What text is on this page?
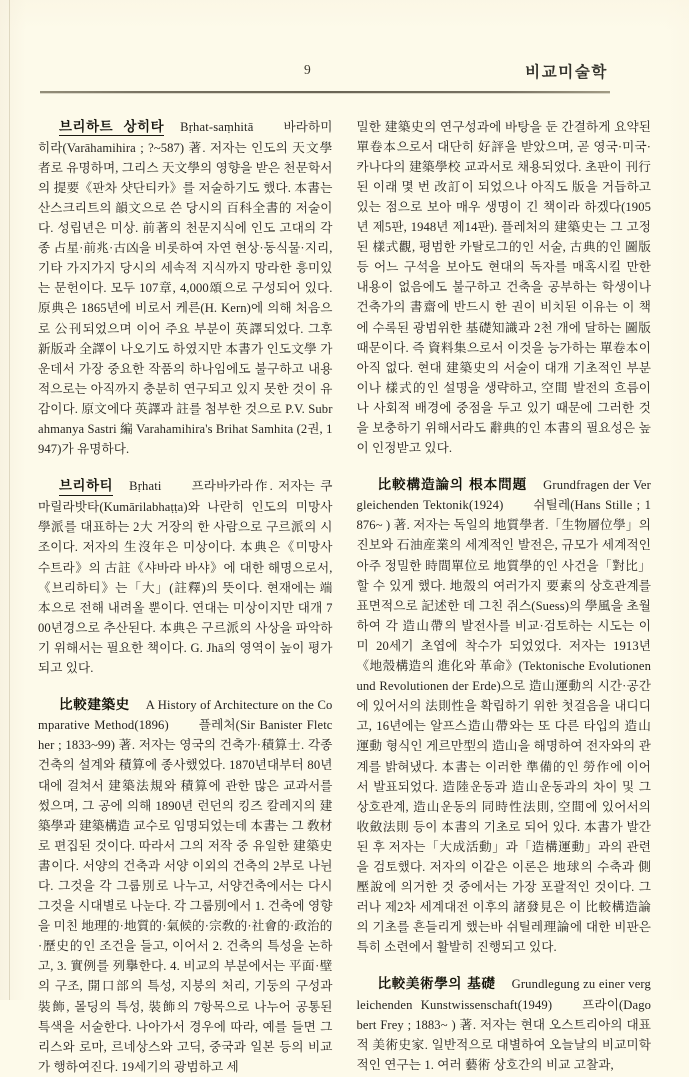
9	비교미술학

브리하트 상히타 Bṛhat-saṃhitā 바라하미히라(Varāhamihira ; ?~587) 著. 저자는 인도의 天文學者로 유명하며, 그리스 天文學의 영향을 받은 천문학서의 提要《판차 샷단티카》를 저술하기도 했다. 本書는 산스크리트의 韻文으로 쓴 당시의 百科全書的 저술이다. 성립년은 미상. 前著의 천문지식에 인도 고대의 각종 占星·前兆·古凶을 비롯하여 자연 현상·동식물·지리, 기타 가지가지 당시의 세속적 지식까지 망라한 흥미있는 문헌이다. 모두 107章, 4,000頌으로 구성되어 있다. 原典은 1865년에 비로서 케른(H. Kern)에 의해 처음으로 公刊되었으며 이어 주요 부분이 英譯되었다. 그후 新版과 全譯이 나오기도 하였지만 本書가 인도文學 가운데서 가장 중요한 작품의 하나임에도 불구하고 내용적으로는 아직까지 충분히 연구되고 있지 못한 것이 유감이다. 原文에다 英譯과 註를 첨부한 것으로 P.V. Subrahmanya Sastri 編 Varahamihira's Brihat Samhita (2권, 1947)가 유명하다.

브리하티 Bṛhati 프라바카라作. 저자는 쿠마릴라밧타(Kumārilabhaṭṭa)와 나란히 인도의 미망사學派를 대표하는 2大 거장의 한 사람으로 구르派의 시조이다. 저자의 生沒年은 미상이다. 本典은《미망사 수트라》의 古註《샤바라 바샤》에 대한 해명으로서,《브리하티》는「大」(註釋)의 뜻이다. 현재에는 端本으로 전해 내려올 뿐이다. 연대는 미상이지만 대개 700년경으로 추산된다. 本典은 구르派의 사상을 파악하기 위해서는 필요한 책이다. G. Jhā의 영역이 높이 평가되고 있다.

比較建築史 A History of Architecture on the Comparative Method(1896) 플레처(Sir Banister Fletcher ; 1833~99) 著. 저자는 영국의 건축가·積算士. 각종 건축의 설계와 積算에 종사했었다. 1870년대부터 80년대에 걸쳐서 建築法規와 積算에 관한 많은 교과서를 썼으며, 그 공에 의해 1890년 런던의 킹즈 칼레지의 建築學과 建築構造 교수로 임명되었는데 本書는 그 敎材로 편집된 것이다. 따라서 그의 저작 중 유일한 建築史書이다. 서양의 건축과 서양 이외의 건축의 2부로 나뉜다. 그것을 각 그룹別로 나누고, 서양건축에서는 다시 그것을 시대별로 나눈다. 각 그룹別에서 1. 건축에 영향을 미친 地理的·地質的·氣候的·宗敎的·社會的·政治的·歷史的인 조건을 들고, 이어서 2. 건축의 특성을 논하고, 3. 實例를 列擧한다. 4. 비교의 부분에서는 平面·壁의 구조, 開口部의 특성, 지붕의 처리, 기둥의 구성과 裝飾, 몰딩의 특성, 裝飾의 7항목으로 나누어 공통된 특색을 서술한다. 나아가서 경우에 따라, 예를 들면 그리스와 로마, 르네상스와 고딕, 중국과 일본 등의 비교가 행하여진다. 19세기의 광범하고 세

밀한 建築史의 연구성과에 바탕을 둔 간결하게 요약된 單卷本으로서 대단히 好評을 받았으며, 곧 영국·미국·카나다의 建築學校 교과서로 채용되었다. 초판이 刊行된 이래 몇 번 改訂이 되었으나 아직도 版을 거듭하고 있는 점으로 보아 매우 생명이 긴 책이라 하겠다(1905년 제5판, 1948년 제14판). 플레처의 建築史는 그 고정된 樣式觀, 평범한 카탈로그的인 서술, 古典的인 圖版 등 어느 구석을 보아도 현대의 독자를 매혹시킬 만한 내용이 없음에도 불구하고 건축을 공부하는 학생이나 건축가의 書齋에 반드시 한 권이 비치된 이유는 이 책에 수록된 광범위한 基礎知識과 2천 개에 달하는 圖版 때문이다. 즉 資料集으로서 이것을 능가하는 單卷本이 아직 없다. 현대 建築史의 서술이 대개 기초적인 부분이나 樣式的인 설명을 생략하고, 空間 발전의 흐름이나 사회적 배경에 중점을 두고 있기 때문에 그러한 것을 보충하기 위해서라도 辭典的인 本書의 필요성은 높이 인정받고 있다.

比較構造論의 根本問題 Grundfragen der Vergleichenden Tektonik(1924) 쉬틸레(Hans Stille ; 1876~ ) 著. 저자는 독일의 地質學者.「生物層位學」의 진보와 石油産業의 세계적인 발전은, 규모가 세계적인 아주 정밀한 時間單位로 地質學的인 사건을「對比」할 수 있게 했다. 地殼의 여러가지 要素의 상호관계를 표면적으로 記述한 데 그친 쥐스(Suess)의 學風을 초월하여 각 造山帶의 발전사를 비교·검토하는 시도는 이미 20세기 초엽에 착수가 되었었다. 저자는 1913년《地殼構造의 進化와 革命》(Tektonische Evolutionen und Revolutionen der Erde)으로 造山運動의 시간·공간에 있어서의 法則性을 확립하기 위한 첫걸음을 내디디고, 16년에는 알프스造山帶와는 또 다른 타입의 造山運動 형식인 게르만型의 造山을 해명하여 전자와의 관계를 밝혀냈다. 本書는 이러한 準備的인 勞作에 이어서 발표되었다. 造陸운동과 造山운동과의 차이 및 그 상호관계, 造山운동의 同時性法則, 空間에 있어서의 收斂法則 등이 本書의 기초로 되어 있다. 本書가 발간된 후 저자는「大成活動」과「造構運動」과의 관련을 검토했다. 저자의 이같은 이론은 地球의 수축과 側壓說에 의거한 것 중에서는 가장 포괄적인 것이다. 그러나 제2차 세계대전 이후의 諸發見은 이 比較構造論의 기초를 흔들리게 했는바 쉬틸레理論에 대한 비판은 특히 소련에서 활발히 진행되고 있다.

比較美術學의 基礎 Grundlegung zu einer vergleichenden Kunstwissenschaft(1949) 프라이(Dagobert Frey ; 1883~ ) 著. 저자는 현대 오스트리아의 대표적 美術史家. 일반적으로 대별하여 오늘날의 비교미학적인 연구는 1. 여러 藝術 상호간의 비교 고찰과,
